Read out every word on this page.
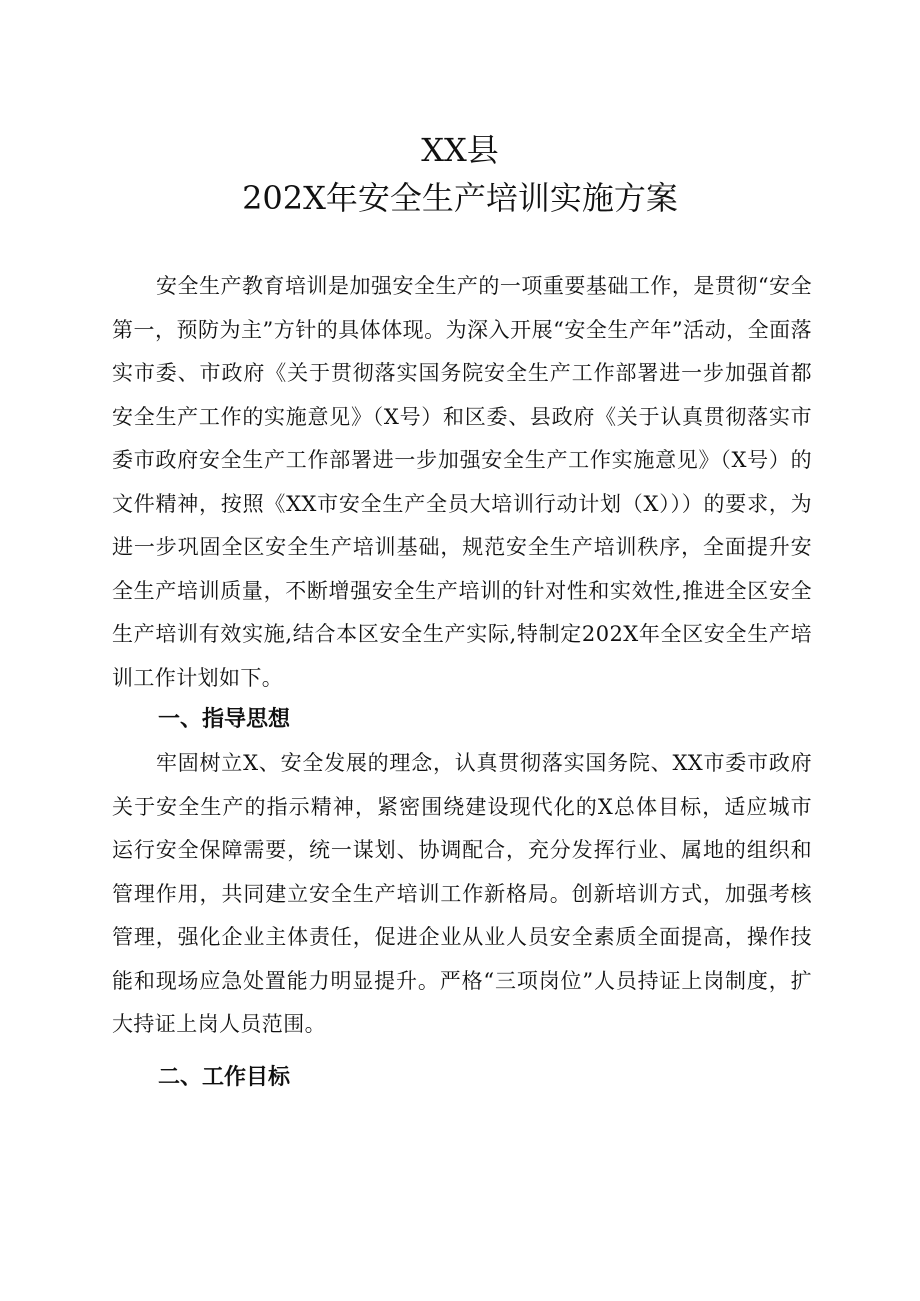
XX县
202X年安全生产培训实施方案

安全生产教育培训是加强安全生产的一项重要基础工作，是贯彻“安全第一，预防为主”方针的具体体现。为深入开展“安全生产年”活动，全面落实市委、市政府《关于贯彻落实国务院安全生产工作部署进一步加强首都安全生产工作的实施意见》（X号）和区委、县政府《关于认真贯彻落实市委市政府安全生产工作部署进一步加强安全生产工作实施意见》（X号）的文件精神，按照《XX市安全生产全员大培训行动计划（X）））的要求，为进一步巩固全区安全生产培训基础，规范安全生产培训秩序，全面提升安全生产培训质量，不断增强安全生产培训的针对性和实效性,推进全区安全生产培训有效实施,结合本区安全生产实际,特制定202X年全区安全生产培训工作计划如下。

一、指导思想

牢固树立X、安全发展的理念，认真贯彻落实国务院、XX市委市政府关于安全生产的指示精神，紧密围绕建设现代化的X总体目标，适应城市运行安全保障需要，统一谋划、协调配合，充分发挥行业、属地的组织和管理作用，共同建立安全生产培训工作新格局。创新培训方式，加强考核管理，强化企业主体责任，促进企业从业人员安全素质全面提高，操作技能和现场应急处置能力明显提升。严格“三项岗位”人员持证上岗制度，扩大持证上岗人员范围。

二、工作目标
